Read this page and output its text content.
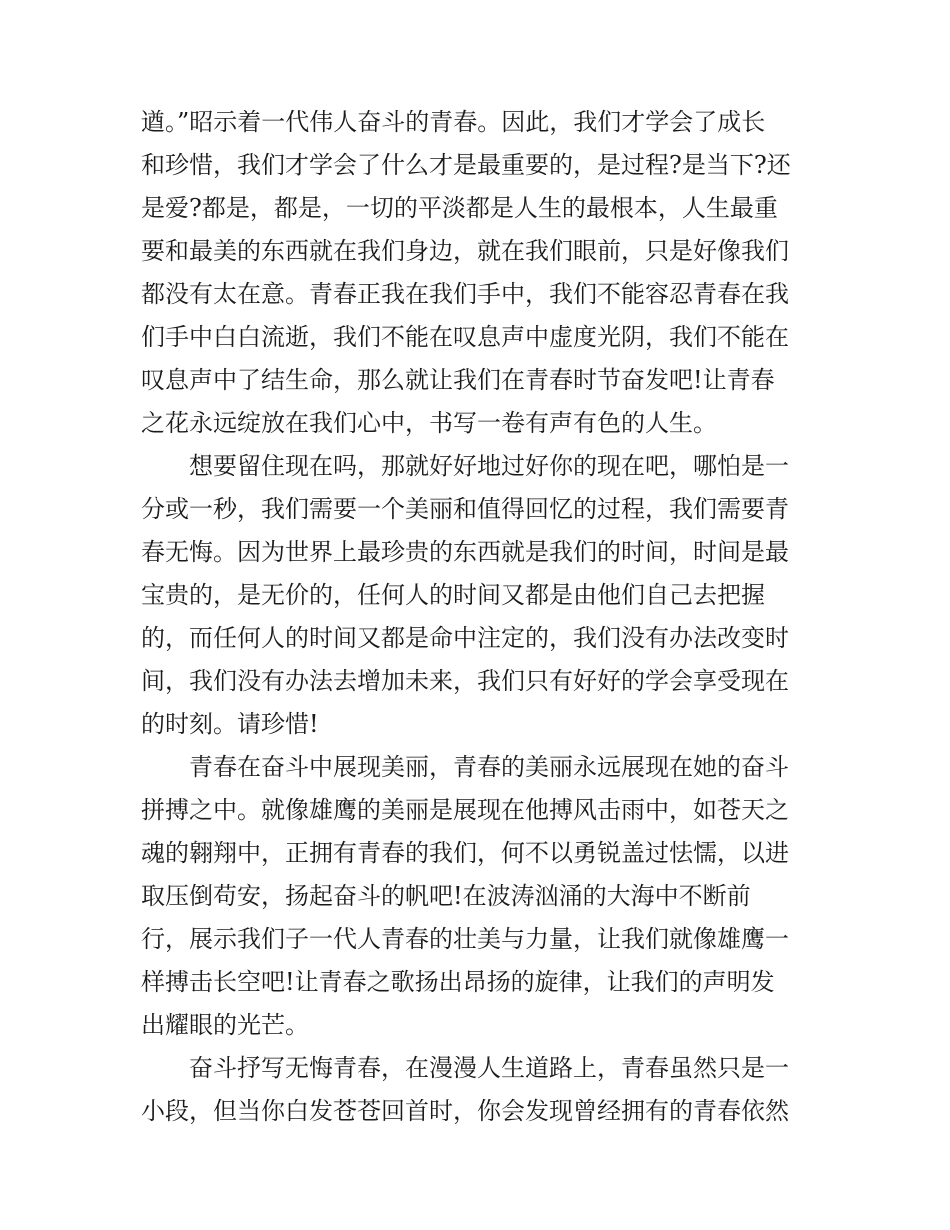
遒。”昭示着一代伟人奋斗的青春。因此，我们才学会了成长
和珍惜，我们才学会了什么才是最重要的，是过程?是当下?还
是爱?都是，都是，一切的平淡都是人生的最根本，人生最重
要和最美的东西就在我们身边，就在我们眼前，只是好像我们
都没有太在意。青春正我在我们手中，我们不能容忍青春在我
们手中白白流逝，我们不能在叹息声中虚度光阴，我们不能在
叹息声中了结生命，那么就让我们在青春时节奋发吧!让青春
之花永远绽放在我们心中，书写一卷有声有色的人生。
　　想要留住现在吗，那就好好地过好你的现在吧，哪怕是一
分或一秒，我们需要一个美丽和值得回忆的过程，我们需要青
春无悔。因为世界上最珍贵的东西就是我们的时间，时间是最
宝贵的，是无价的，任何人的时间又都是由他们自己去把握
的，而任何人的时间又都是命中注定的，我们没有办法改变时
间，我们没有办法去增加未来，我们只有好好的学会享受现在
的时刻。请珍惜!
　　青春在奋斗中展现美丽，青春的美丽永远展现在她的奋斗
拼搏之中。就像雄鹰的美丽是展现在他搏风击雨中，如苍天之
魂的翱翔中，正拥有青春的我们，何不以勇锐盖过怯懦，以进
取压倒苟安，扬起奋斗的帆吧!在波涛汹涌的大海中不断前
行，展示我们子一代人青春的壮美与力量，让我们就像雄鹰一
样搏击长空吧!让青春之歌扬出昂扬的旋律，让我们的声明发
出耀眼的光芒。
　　奋斗抒写无悔青春，在漫漫人生道路上，青春虽然只是一
小段，但当你白发苍苍回首时，你会发现曾经拥有的青春依然
